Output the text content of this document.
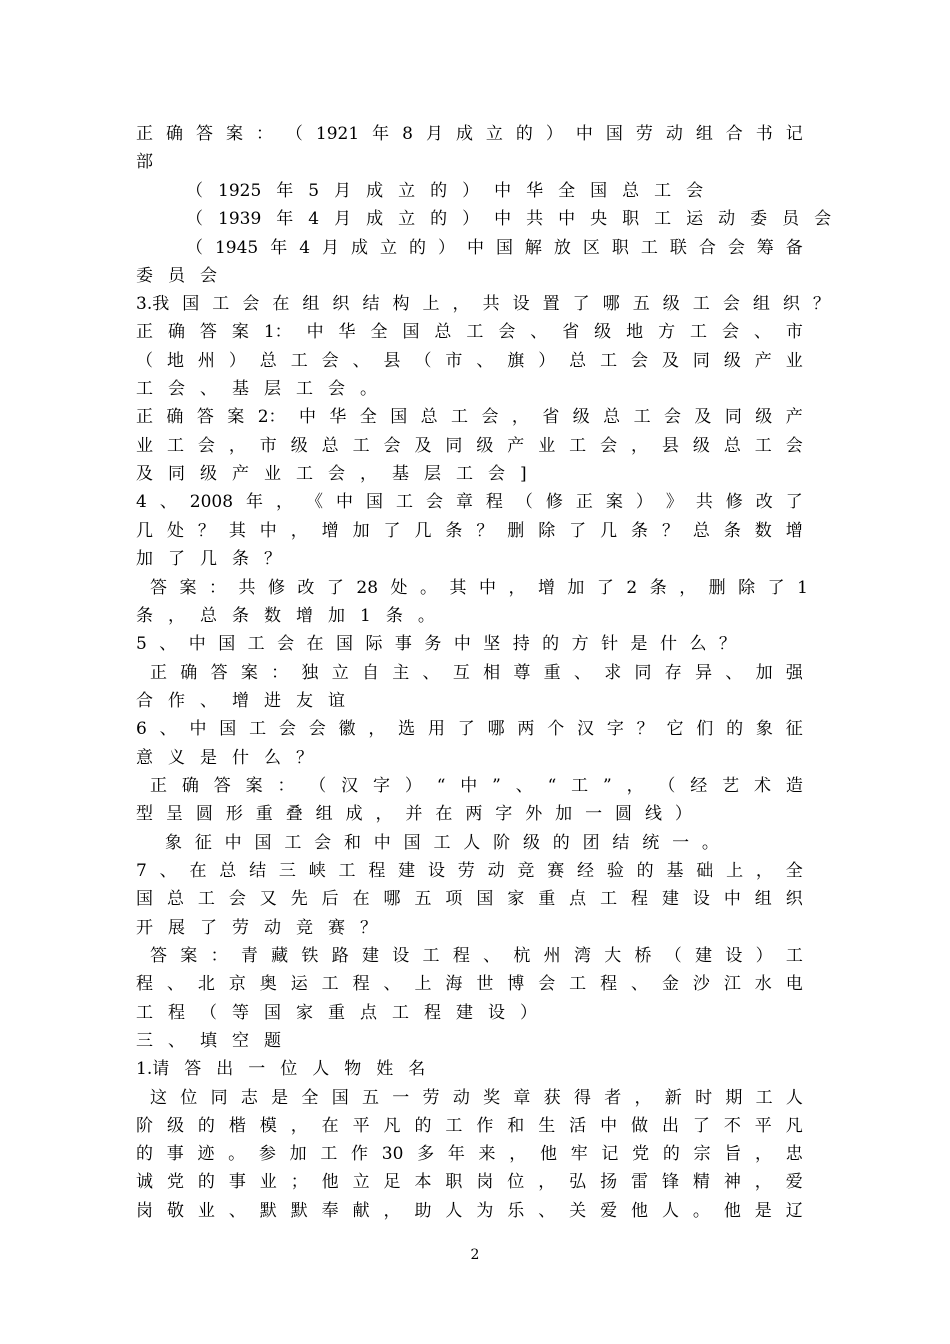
正 确 答 案 ： （ 1921 年 8 月 成 立 的 ） 中 国 劳 动 组 合 书 记
部
（ 1925 年 5 月 成 立 的 ） 中 华 全 国 总 工 会
（ 1939 年 4 月 成 立 的 ） 中 共 中 央 职 工 运 动 委 员 会
（ 1945 年 4 月 成 立 的 ） 中 国 解 放 区 职 工 联 合 会 筹 备
委 员 会
3.我 国 工 会 在 组 织 结 构 上 ， 共 设 置 了 哪 五 级 工 会 组 织 ？
正 确 答 案 1： 中 华 全 国 总 工 会 、 省 级 地 方 工 会 、 市
（ 地 州 ） 总 工 会 、 县 （ 市 、 旗 ） 总 工 会 及 同 级 产 业
工 会 、 基 层 工 会 。
正 确 答 案 2： 中 华 全 国 总 工 会 ， 省 级 总 工 会 及 同 级 产
业 工 会 ， 市 级 总 工 会 及 同 级 产 业 工 会 ， 县 级 总 工 会
及 同 级 产 业 工 会 ， 基 层 工 会 ]
4 、 2008 年 ， 《 中 国 工 会 章 程 （ 修 正 案 ） 》 共 修 改 了
几 处 ？ 其 中 ， 增 加 了 几 条 ？ 删 除 了 几 条 ？ 总 条 数 增
加 了 几 条 ？
答 案 ： 共 修 改 了 28 处 。 其 中 ， 增 加 了 2 条 ， 删 除 了 1
条 ， 总 条 数 增 加 1 条 。
5 、 中 国 工 会 在 国 际 事 务 中 坚 持 的 方 针 是 什 么 ？
正 确 答 案 ： 独 立 自 主 、 互 相 尊 重 、 求 同 存 异 、 加 强
合 作 、 增 进 友 谊
6 、 中 国 工 会 会 徽 ， 选 用 了 哪 两 个 汉 字 ？ 它 们 的 象 征
意 义 是 什 么 ？
正 确 答 案 ： （ 汉 字 ） “ 中 ” 、 “ 工 ” ， （ 经 艺 术 造
型 呈 圆 形 重 叠 组 成 ， 并 在 两 字 外 加 一 圆 线 ）
象 征 中 国 工 会 和 中 国 工 人 阶 级 的 团 结 统 一 。
7 、 在 总 结 三 峡 工 程 建 设 劳 动 竞 赛 经 验 的 基 础 上 ， 全
国 总 工 会 又 先 后 在 哪 五 项 国 家 重 点 工 程 建 设 中 组 织
开 展 了 劳 动 竞 赛 ？
答 案 ： 青 藏 铁 路 建 设 工 程 、 杭 州 湾 大 桥 （ 建 设 ） 工
程 、 北 京 奥 运 工 程 、 上 海 世 博 会 工 程 、 金 沙 江 水 电
工 程 （ 等 国 家 重 点 工 程 建 设 ）
三 、 填 空 题
1.请 答 出 一 位 人 物 姓 名
这 位 同 志 是 全 国 五 一 劳 动 奖 章 获 得 者 ， 新 时 期 工 人
阶 级 的 楷 模 ， 在 平 凡 的 工 作 和 生 活 中 做 出 了 不 平 凡
的 事 迹 。 参 加 工 作 30 多 年 来 ， 他 牢 记 党 的 宗 旨 ， 忠
诚 党 的 事 业 ； 他 立 足 本 职 岗 位 ， 弘 扬 雷 锋 精 神 ， 爱
岗 敬 业 、 默 默 奉 献 ， 助 人 为 乐 、 关 爱 他 人 。 他 是 辽
2
